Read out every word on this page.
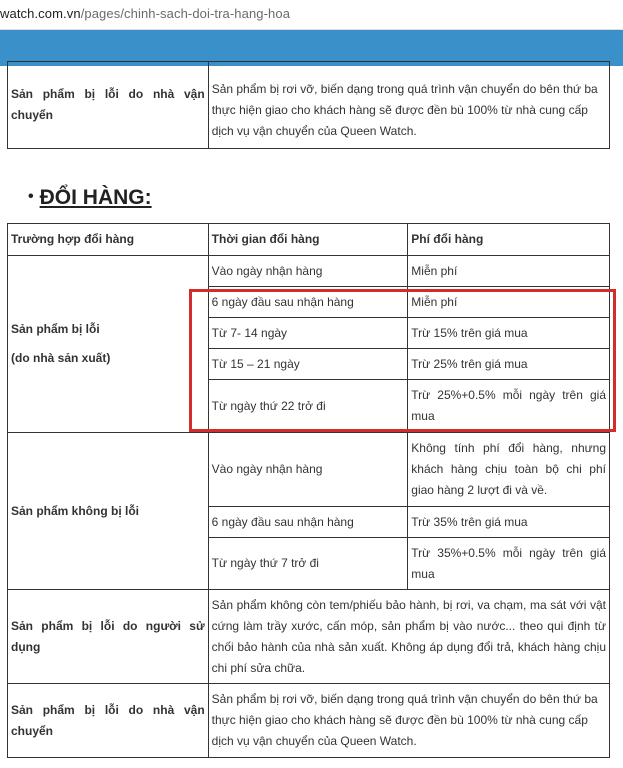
watch.com.vn/pages/chinh-sach-doi-tra-hang-hoa
Sản phẩm bị lỗi do nhà vận chuyển	Sản phẩm bị rơi vỡ, biến dạng trong quá trình vận chuyển do bên thứ ba thực hiện giao cho khách hàng sẽ được đền bù 100% từ nhà cung cấp dịch vụ vận chuyển của Queen Watch.
• ĐỔI HÀNG:
Trường hợp đổi hàng	Thời gian đổi hàng	Phí đổi hàng

Sản phẩm bị lỗi
(do nhà sản xuất)	Vào ngày nhận hàng	Miễn phí
	6 ngày đầu sau nhận hàng	Miễn phí
	Từ 7- 14 ngày	Trừ 15% trên giá mua
	Từ 15 – 21 ngày	Trừ 25% trên giá mua
	Từ ngày thứ 22 trở đi	Trừ 25%+0.5% mỗi ngày trên giá mua
Sản phẩm không bị lỗi	Vào ngày nhận hàng	Không tính phí đổi hàng, nhưng khách hàng chịu toàn bộ chi phí giao hàng 2 lượt đi và về.
	6 ngày đầu sau nhận hàng	Trừ 35% trên giá mua
	Từ ngày thứ 7 trở đi	Trừ 35%+0.5% mỗi ngày trên giá mua
Sản phẩm bị lỗi do người sử dụng	Sản phẩm không còn tem/phiếu bảo hành, bị rơi, va chạm, ma sát với vật cứng làm trầy xước, cấn móp, sản phẩm bị vào nước... theo qui định từ chối bảo hành của nhà sản xuất. Không áp dụng đổi trả, khách hàng chịu chi phí sửa chữa.	
Sản phẩm bị lỗi do nhà vận chuyển	Sản phẩm bị rơi vỡ, biến dạng trong quá trình vận chuyển do bên thứ ba thực hiện giao cho khách hàng sẽ được đền bù 100% từ nhà cung cấp dịch vụ vận chuyển của Queen Watch.	
